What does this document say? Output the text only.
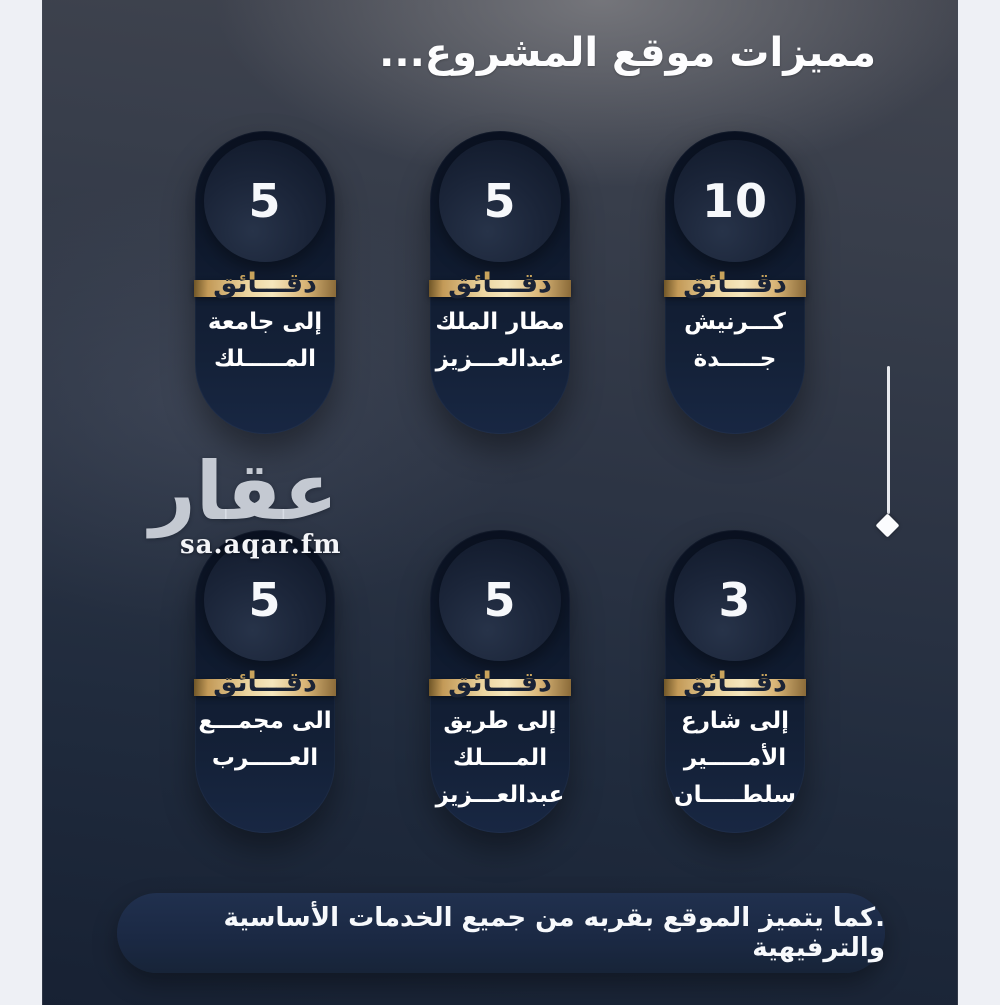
مميزات موقع المشروع...
10
دقـــائق
كـــرنيش
جـــــدة
5
دقـــائق
مطار الملك
عبدالعـــزيز
5
دقـــائق
إلى جامعة
المـــــلك
3
دقـــائق
إلى شارع
الأمـــــير
سلطـــــان
5
دقـــائق
إلى طريق
المــــلك
عبدالعـــزيز
5
دقـــائق
الى مجمـــع
العـــــرب
عقار
sa.aqar.fm
.كما يتميز الموقع بقربه من جميع الخدمات الأساسية والترفيهية
